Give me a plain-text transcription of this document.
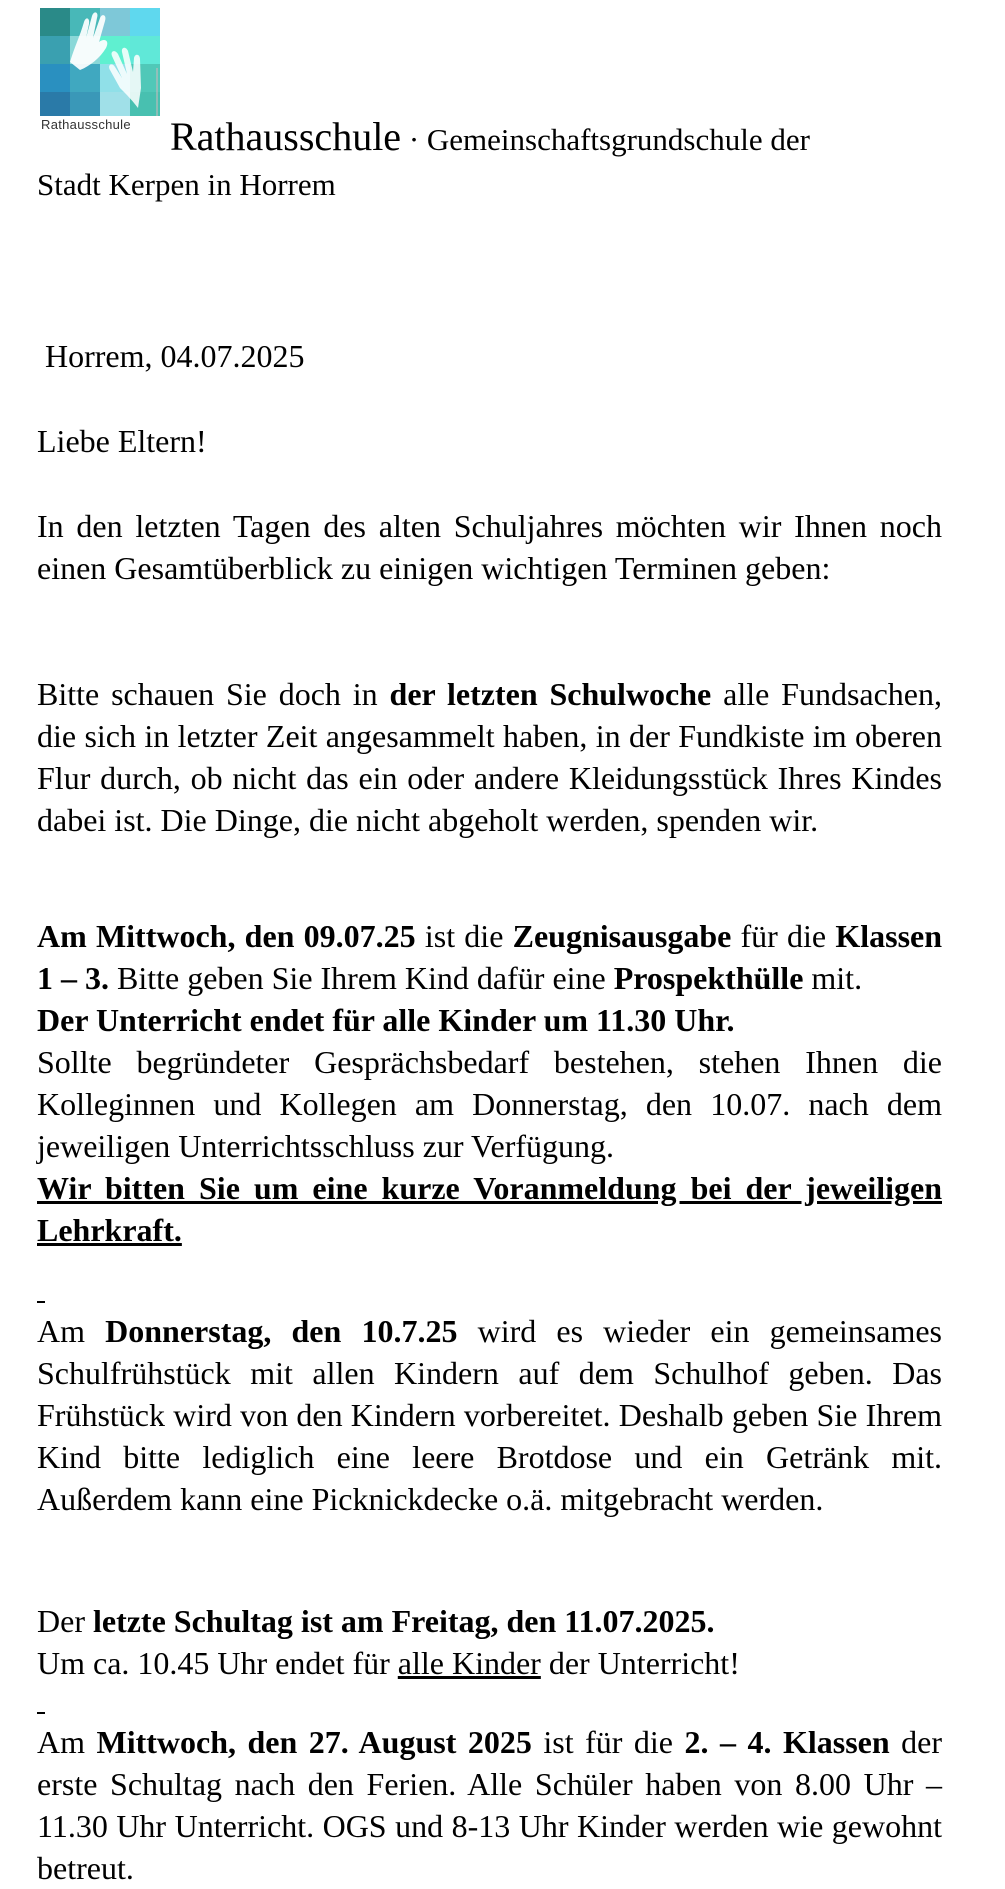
Rathausschule Rathausschule · Gemeinschaftsgrundschule der
Stadt Kerpen in Horrem
Horrem, 04.07.2025

Liebe Eltern!

In den letzten Tagen des alten Schuljahres möchten wir Ihnen noch einen Gesamtüberblick zu einigen wichtigen Terminen geben:

Bitte schauen Sie doch in der letzten Schulwoche alle Fundsachen, die sich in letzter Zeit angesammelt haben, in der Fundkiste im oberen Flur durch, ob nicht das ein oder andere Kleidungsstück Ihres Kindes dabei ist. Die Dinge, die nicht abgeholt werden, spenden wir.

Am Mittwoch, den 09.07.25 ist die Zeugnisausgabe für die Klassen 1 – 3. Bitte geben Sie Ihrem Kind dafür eine Prospekthülle mit.

Der Unterricht endet für alle Kinder um 11.30 Uhr.

Sollte begründeter Gesprächsbedarf bestehen, stehen Ihnen die Kolleginnen und Kollegen am Donnerstag, den 10.07. nach dem jeweiligen Unterrichtsschluss zur Verfügung.

Wir bitten Sie um eine kurze Voranmeldung bei der jeweiligen Lehrkraft.

Am Donnerstag, den 10.7.25 wird es wieder ein gemeinsames Schulfrühstück mit allen Kindern auf dem Schulhof geben. Das Frühstück wird von den Kindern vorbereitet. Deshalb geben Sie Ihrem Kind bitte lediglich eine leere Brotdose und ein Getränk mit. Außerdem kann eine Picknickdecke o.ä. mitgebracht werden.

Der letzte Schultag ist am Freitag, den 11.07.2025.

Um ca. 10.45 Uhr endet für alle Kinder der Unterricht!

Am Mittwoch, den 27. August 2025 ist für die 2. – 4. Klassen der erste Schultag nach den Ferien. Alle Schüler haben von 8.00 Uhr – 11.30 Uhr Unterricht. OGS und 8-13 Uhr Kinder werden wie gewohnt betreut.
